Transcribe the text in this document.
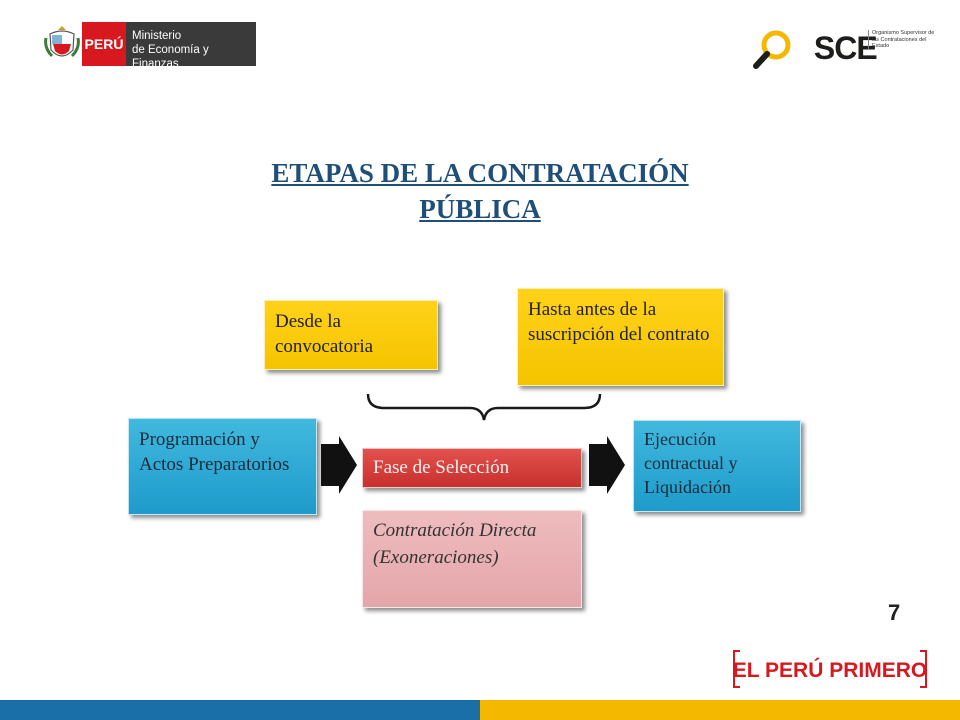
PERÚ Ministerio
de Economía y Finanzas	SCE
Organismo Supervisor de las Contrataciones del Estado
ETAPAS DE LA CONTRATACIÓN
PÚBLICA
Desde la convocatoria
Hasta antes de la suscripción del contrato
Programación y Actos Preparatorios	Fase de Selección
Ejecución contractual y Liquidación
Contratación Directa (Exoneraciones)
7
EL PERÚ PRIMERO
